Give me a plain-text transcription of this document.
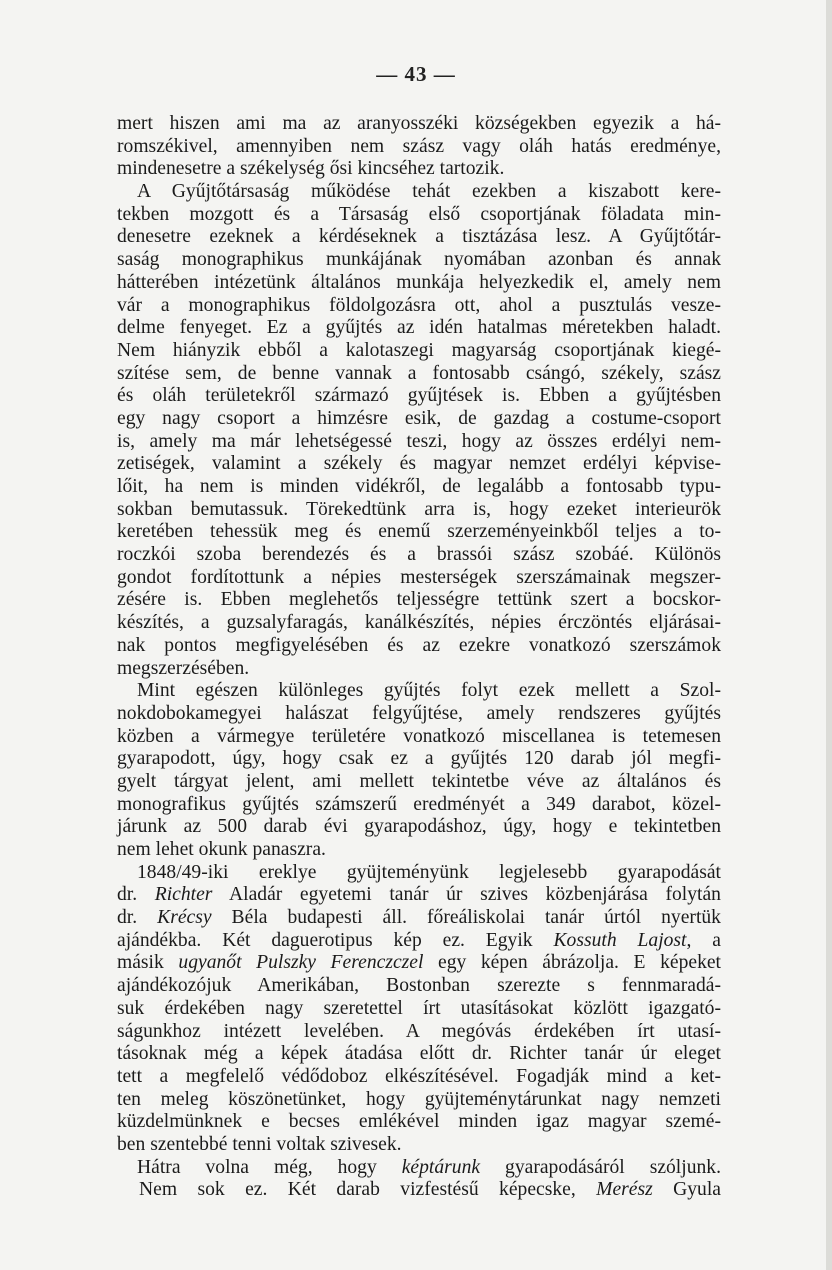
— 43 —
mert hiszen ami ma az aranyosszéki községekben egyezik a há-
romszékivel, amennyiben nem szász vagy oláh hatás eredménye,
mindenesetre a székelység ősi kincséhez tartozik.
A Gyűjtőtársaság működése tehát ezekben a kiszabott kere-
tekben mozgott és a Társaság első csoportjának föladata min-
denesetre ezeknek a kérdéseknek a tisztázása lesz. A Gyűjtőtár-
saság monographikus munkájának nyomában azonban és annak
hátterében intézetünk általános munkája helyezkedik el, amely nem
vár a monographikus földolgozásra ott, ahol a pusztulás vesze-
delme fenyeget. Ez a gyűjtés az idén hatalmas méretekben haladt.
Nem hiányzik ebből a kalotaszegi magyarság csoportjának kiegé-
szítése sem, de benne vannak a fontosabb csángó, székely, szász
és oláh területekről származó gyűjtések is. Ebben a gyűjtésben
egy nagy csoport a himzésre esik, de gazdag a costume-csoport
is, amely ma már lehetségessé teszi, hogy az összes erdélyi nem-
zetiségek, valamint a székely és magyar nemzet erdélyi képvise-
lőit, ha nem is minden vidékről, de legalább a fontosabb typu-
sokban bemutassuk. Törekedtünk arra is, hogy ezeket interieurök
keretében tehessük meg és enemű szerzeményeinkből teljes a to-
roczkói szoba berendezés és a brassói szász szobáé. Különös
gondot fordítottunk a népies mesterségek szerszámainak megszer-
zésére is. Ebben meglehetős teljességre tettünk szert a bocskor-
készítés, a guzsalyfaragás, kanálkészítés, népies érczöntés eljárásai-
nak pontos megfigyelésében és az ezekre vonatkozó szerszámok
megszerzésében.
Mint egészen különleges gyűjtés folyt ezek mellett a Szol-
nokdobokamegyei halászat felgyűjtése, amely rendszeres gyűjtés
közben a vármegye területére vonatkozó miscellanea is tetemesen
gyarapodott, úgy, hogy csak ez a gyűjtés 120 darab jól megfi-
gyelt tárgyat jelent, ami mellett tekintetbe véve az általános és
monografikus gyűjtés számszerű eredményét a 349 darabot, közel-
járunk az 500 darab évi gyarapodáshoz, úgy, hogy e tekintetben
nem lehet okunk panaszra.
1848/49-iki ereklye gyüjteményünk legjelesebb gyarapodását
dr. Richter Aladár egyetemi tanár úr szives közbenjárása folytán
dr. Krécsy Béla budapesti áll. főreáliskolai tanár úrtól nyertük
ajándékba. Két daguerotipus kép ez. Egyik Kossuth Lajost, a
másik ugyanőt Pulszky Ferenczczel egy képen ábrázolja. E képeket
ajándékozójuk Amerikában, Bostonban szerezte s fennmaradá-
suk érdekében nagy szeretettel írt utasításokat közlött igazgató-
ságunkhoz intézett levelében. A megóvás érdekében írt utasí-
tásoknak még a képek átadása előtt dr. Richter tanár úr eleget
tett a megfelelő védődoboz elkészítésével. Fogadják mind a ket-
ten meleg köszönetünket, hogy gyüjteménytárunkat nagy nemzeti
küzdelmünknek e becses emlékével minden igaz magyar szemé-
ben szentebbé tenni voltak szivesek.
Hátra volna még, hogy képtárunk gyarapodásáról szóljunk.
Nem sok ez. Két darab vizfestésű képecske, Merész Gyula
